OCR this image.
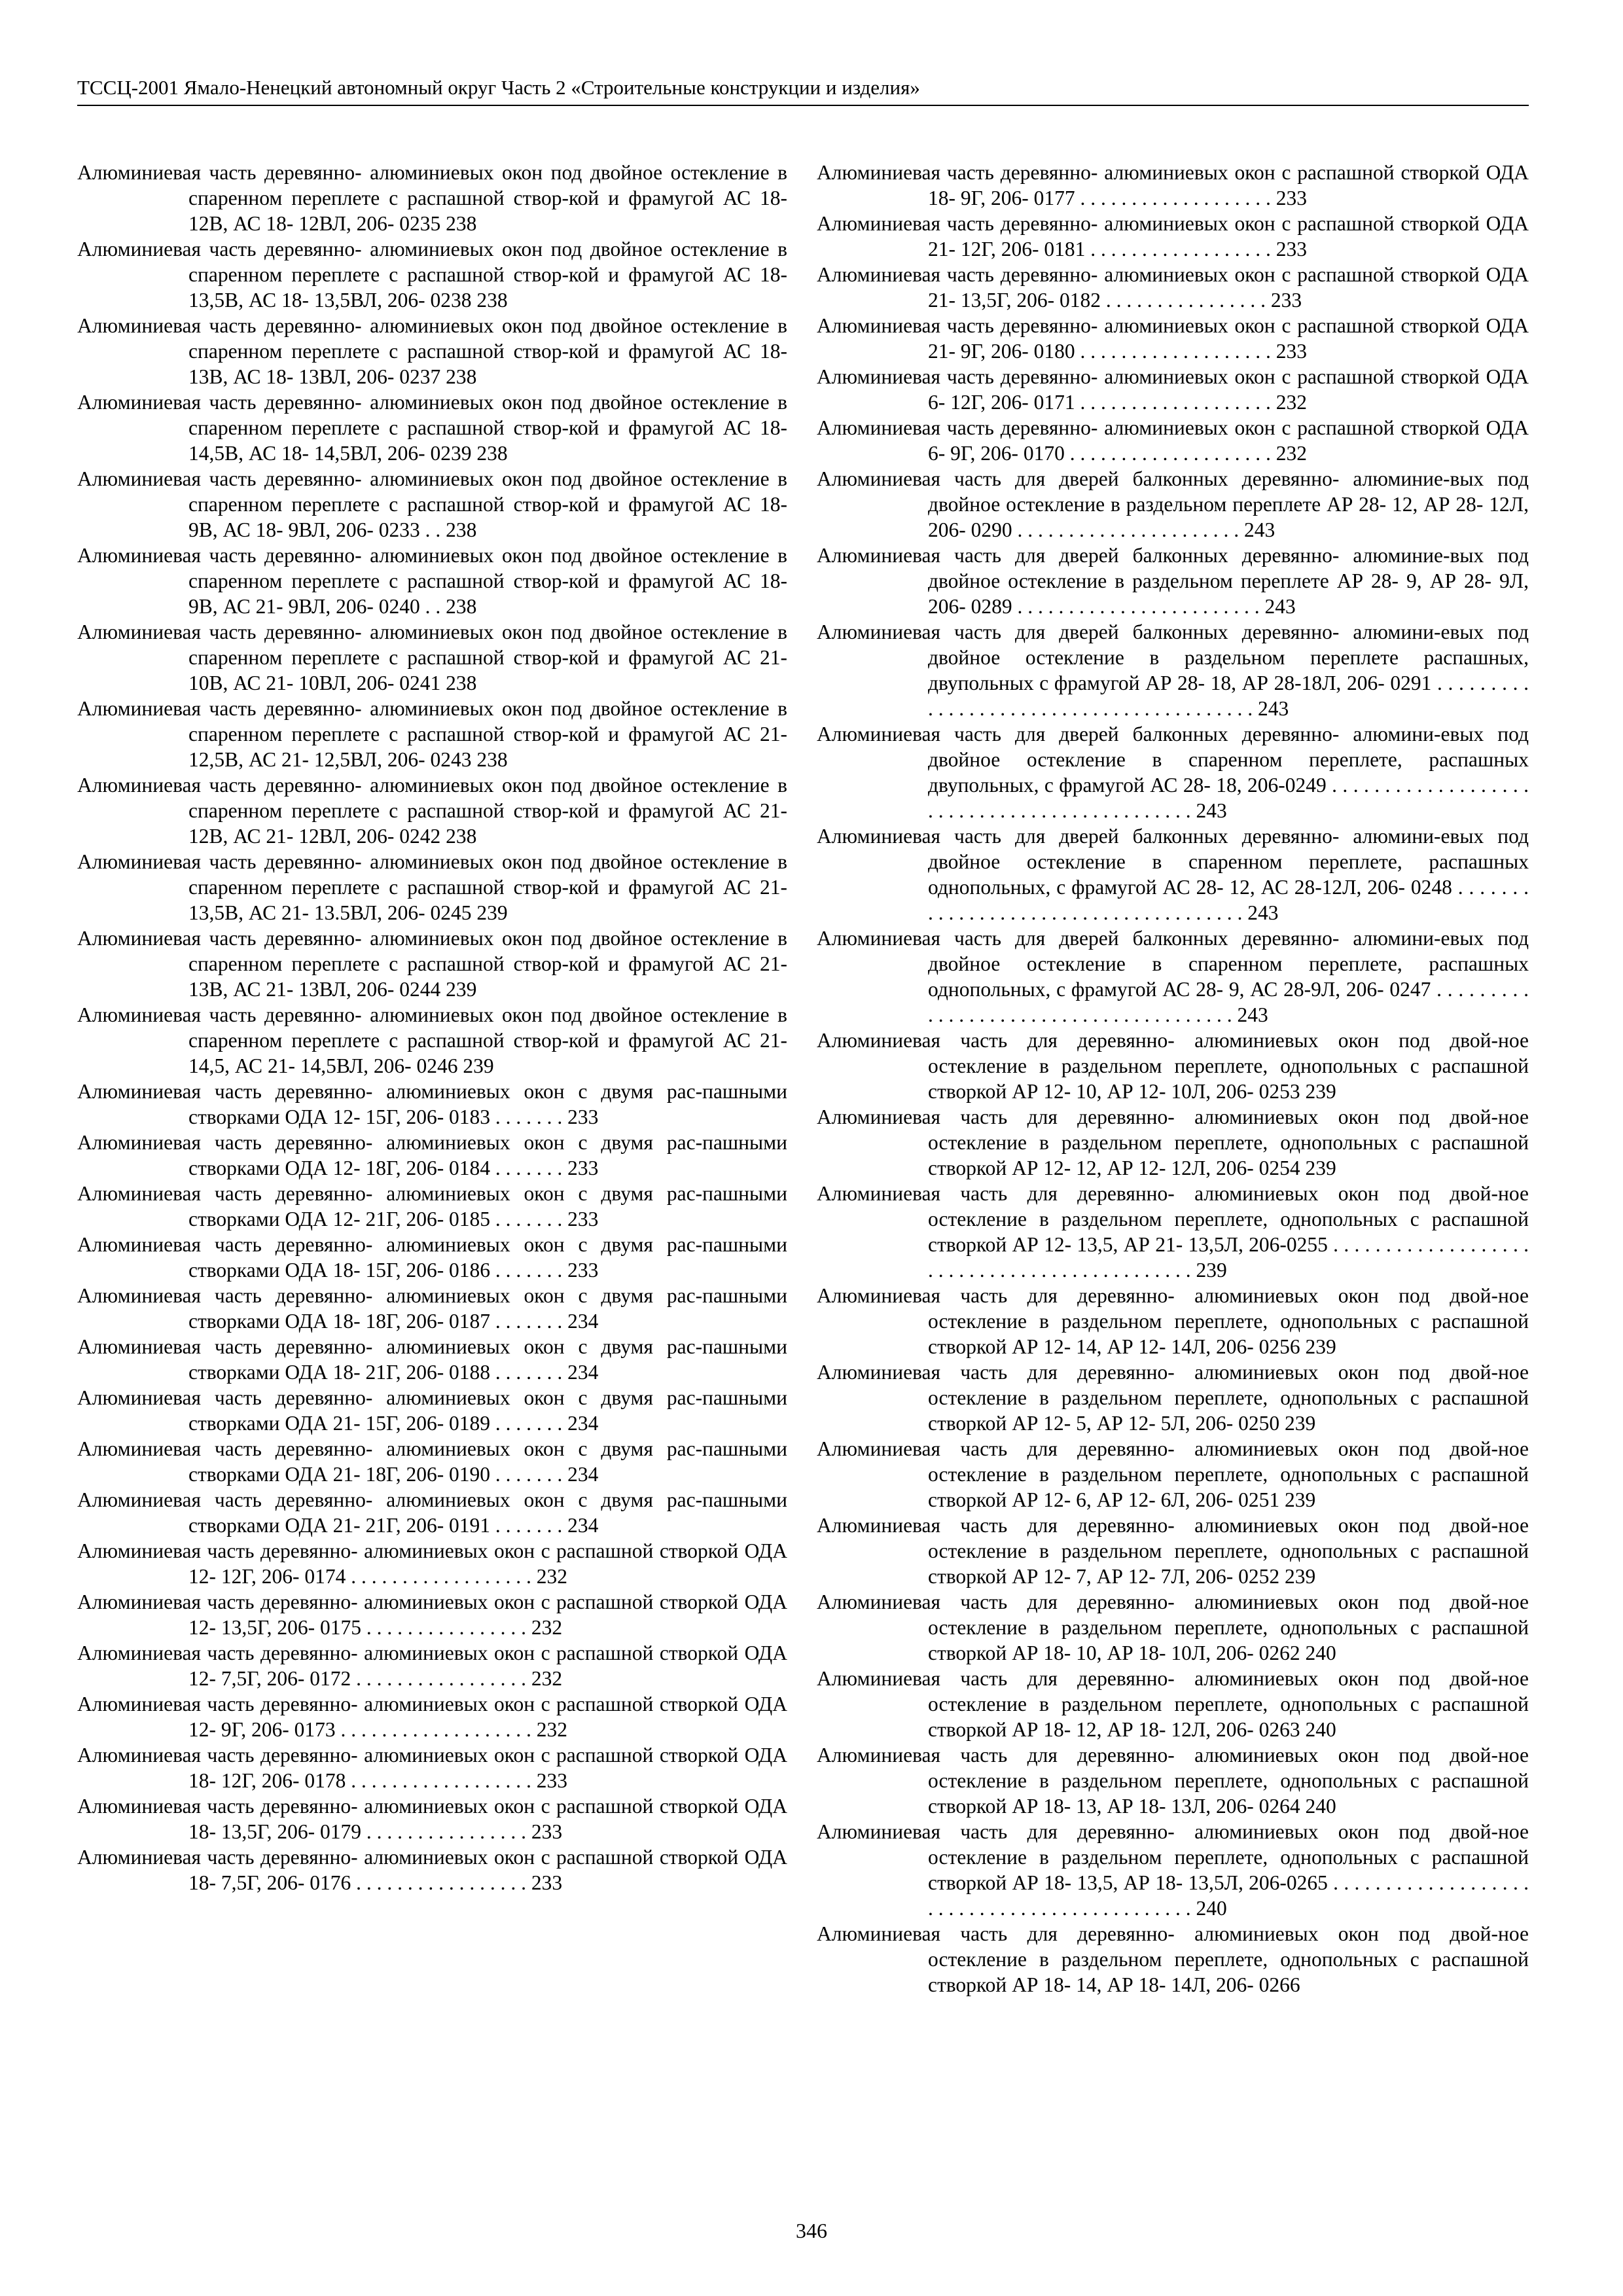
ТССЦ-2001 Ямало-Ненецкий автономный округ Часть 2 «Строительные конструкции и изделия»
Алюминиевая часть деревянно- алюминиевых окон под двойное остекление в спаренном переплете с распашной створ-кой и фрамугой АС 18- 12В, АС 18- 12ВЛ, 206- 0235 238
Алюминиевая часть деревянно- алюминиевых окон под двойное остекление в спаренном переплете с распашной створ-кой и фрамугой АС 18- 13,5В, АС 18- 13,5ВЛ, 206- 0238 238
Алюминиевая часть деревянно- алюминиевых окон под двойное остекление в спаренном переплете с распашной створ-кой и фрамугой АС 18- 13В, АС 18- 13ВЛ, 206- 0237 238
Алюминиевая часть деревянно- алюминиевых окон под двойное остекление в спаренном переплете с распашной створ-кой и фрамугой АС 18- 14,5В, АС 18- 14,5ВЛ, 206- 0239 238
Алюминиевая часть деревянно- алюминиевых окон под двойное остекление в спаренном переплете с распашной створ-кой и фрамугой АС 18- 9В, АС 18- 9ВЛ, 206- 0233 . . 238
Алюминиевая часть деревянно- алюминиевых окон под двойное остекление в спаренном переплете с распашной створ-кой и фрамугой АС 18- 9В, АС 21- 9ВЛ, 206- 0240 . . 238
Алюминиевая часть деревянно- алюминиевых окон под двойное остекление в спаренном переплете с распашной створ-кой и фрамугой АС 21- 10В, АС 21- 10ВЛ, 206- 0241 238
Алюминиевая часть деревянно- алюминиевых окон под двойное остекление в спаренном переплете с распашной створ-кой и фрамугой АС 21- 12,5В, АС 21- 12,5ВЛ, 206- 0243 238
Алюминиевая часть деревянно- алюминиевых окон под двойное остекление в спаренном переплете с распашной створ-кой и фрамугой АС 21- 12В, АС 21- 12ВЛ, 206- 0242 238
Алюминиевая часть деревянно- алюминиевых окон под двойное остекление в спаренном переплете с распашной створ-кой и фрамугой АС 21- 13,5В, АС 21- 13.5ВЛ, 206- 0245 239
Алюминиевая часть деревянно- алюминиевых окон под двойное остекление в спаренном переплете с распашной створ-кой и фрамугой АС 21- 13В, АС 21- 13ВЛ, 206- 0244 239
Алюминиевая часть деревянно- алюминиевых окон под двойное остекление в спаренном переплете с распашной створ-кой и фрамугой АС 21- 14,5, АС 21- 14,5ВЛ, 206- 0246 239
Алюминиевая часть деревянно- алюминиевых окон с двумя рас-пашными створками ОДА 12- 15Г, 206- 0183 . . . . . . . 233
Алюминиевая часть деревянно- алюминиевых окон с двумя рас-пашными створками ОДА 12- 18Г, 206- 0184 . . . . . . . 233
Алюминиевая часть деревянно- алюминиевых окон с двумя рас-пашными створками ОДА 12- 21Г, 206- 0185 . . . . . . . 233
Алюминиевая часть деревянно- алюминиевых окон с двумя рас-пашными створками ОДА 18- 15Г, 206- 0186 . . . . . . . 233
Алюминиевая часть деревянно- алюминиевых окон с двумя рас-пашными створками ОДА 18- 18Г, 206- 0187 . . . . . . . 234
Алюминиевая часть деревянно- алюминиевых окон с двумя рас-пашными створками ОДА 18- 21Г, 206- 0188 . . . . . . . 234
Алюминиевая часть деревянно- алюминиевых окон с двумя рас-пашными створками ОДА 21- 15Г, 206- 0189 . . . . . . . 234
Алюминиевая часть деревянно- алюминиевых окон с двумя рас-пашными створками ОДА 21- 18Г, 206- 0190 . . . . . . . 234
Алюминиевая часть деревянно- алюминиевых окон с двумя рас-пашными створками ОДА 21- 21Г, 206- 0191 . . . . . . . 234
Алюминиевая часть деревянно- алюминиевых окон с распашной створкой ОДА 12- 12Г, 206- 0174 . . . . . . . . . . . . . . . . . . 232
Алюминиевая часть деревянно- алюминиевых окон с распашной створкой ОДА 12- 13,5Г, 206- 0175 . . . . . . . . . . . . . . . . 232
Алюминиевая часть деревянно- алюминиевых окон с распашной створкой ОДА 12- 7,5Г, 206- 0172 . . . . . . . . . . . . . . . . . 232
Алюминиевая часть деревянно- алюминиевых окон с распашной створкой ОДА 12- 9Г, 206- 0173 . . . . . . . . . . . . . . . . . . . 232
Алюминиевая часть деревянно- алюминиевых окон с распашной створкой ОДА 18- 12Г, 206- 0178 . . . . . . . . . . . . . . . . . . 233
Алюминиевая часть деревянно- алюминиевых окон с распашной створкой ОДА 18- 13,5Г, 206- 0179 . . . . . . . . . . . . . . . . 233
Алюминиевая часть деревянно- алюминиевых окон с распашной створкой ОДА 18- 7,5Г, 206- 0176 . . . . . . . . . . . . . . . . . 233
Алюминиевая часть деревянно- алюминиевых окон с распашной створкой ОДА 18- 9Г, 206- 0177 . . . . . . . . . . . . . . . . . . . 233
Алюминиевая часть деревянно- алюминиевых окон с распашной створкой ОДА 21- 12Г, 206- 0181 . . . . . . . . . . . . . . . . . . 233
Алюминиевая часть деревянно- алюминиевых окон с распашной створкой ОДА 21- 13,5Г, 206- 0182 . . . . . . . . . . . . . . . . 233
Алюминиевая часть деревянно- алюминиевых окон с распашной створкой ОДА 21- 9Г, 206- 0180 . . . . . . . . . . . . . . . . . . . 233
Алюминиевая часть деревянно- алюминиевых окон с распашной створкой ОДА 6- 12Г, 206- 0171 . . . . . . . . . . . . . . . . . . . 232
Алюминиевая часть деревянно- алюминиевых окон с распашной створкой ОДА 6- 9Г, 206- 0170 . . . . . . . . . . . . . . . . . . . . 232
Алюминиевая часть для дверей балконных деревянно- алюминие-вых под двойное остекление в раздельном переплете АР 28- 12, АР 28- 12Л, 206- 0290 . . . . . . . . . . . . . . . . . . . . . . 243
Алюминиевая часть для дверей балконных деревянно- алюминие-вых под двойное остекление в раздельном переплете АР 28- 9, АР 28- 9Л, 206- 0289 . . . . . . . . . . . . . . . . . . . . . . . . 243
Алюминиевая часть для дверей балконных деревянно- алюмини-евых под двойное остекление в раздельном переплете распашных, двупольных с фрамугой АР 28- 18, АР 28-18Л, 206- 0291 . . . . . . . . . . . . . . . . . . . . . . . . . . . . . . . . . . . . . . . . . 243
Алюминиевая часть для дверей балконных деревянно- алюмини-евых под двойное остекление в спаренном переплете, распашных двупольных, с фрамугой АС 28- 18, 206-0249 . . . . . . . . . . . . . . . . . . . . . . . . . . . . . . . . . . . . . . . . . . . . . 243
Алюминиевая часть для дверей балконных деревянно- алюмини-евых под двойное остекление в спаренном переплете, распашных однопольных, с фрамугой АС 28- 12, АС 28-12Л, 206- 0248 . . . . . . . . . . . . . . . . . . . . . . . . . . . . . . . . . . . . . . 243
Алюминиевая часть для дверей балконных деревянно- алюмини-евых под двойное остекление в спаренном переплете, распашных однопольных, с фрамугой АС 28- 9, АС 28-9Л, 206- 0247 . . . . . . . . . . . . . . . . . . . . . . . . . . . . . . . . . . . . . . . 243
Алюминиевая часть для деревянно- алюминиевых окон под двой-ное остекление в раздельном переплете, однопольных с распашной створкой АР 12- 10, АР 12- 10Л, 206- 0253 239
Алюминиевая часть для деревянно- алюминиевых окон под двой-ное остекление в раздельном переплете, однопольных с распашной створкой АР 12- 12, АР 12- 12Л, 206- 0254 239
Алюминиевая часть для деревянно- алюминиевых окон под двой-ное остекление в раздельном переплете, однопольных с распашной створкой АР 12- 13,5, АР 21- 13,5Л, 206-0255 . . . . . . . . . . . . . . . . . . . . . . . . . . . . . . . . . . . . . . . . . . . . . 239
Алюминиевая часть для деревянно- алюминиевых окон под двой-ное остекление в раздельном переплете, однопольных с распашной створкой АР 12- 14, АР 12- 14Л, 206- 0256 239
Алюминиевая часть для деревянно- алюминиевых окон под двой-ное остекление в раздельном переплете, однопольных с распашной створкой АР 12- 5, АР 12- 5Л, 206- 0250 239
Алюминиевая часть для деревянно- алюминиевых окон под двой-ное остекление в раздельном переплете, однопольных с распашной створкой АР 12- 6, АР 12- 6Л, 206- 0251 239
Алюминиевая часть для деревянно- алюминиевых окон под двой-ное остекление в раздельном переплете, однопольных с распашной створкой АР 12- 7, АР 12- 7Л, 206- 0252 239
Алюминиевая часть для деревянно- алюминиевых окон под двой-ное остекление в раздельном переплете, однопольных с распашной створкой АР 18- 10, АР 18- 10Л, 206- 0262 240
Алюминиевая часть для деревянно- алюминиевых окон под двой-ное остекление в раздельном переплете, однопольных с распашной створкой АР 18- 12, АР 18- 12Л, 206- 0263 240
Алюминиевая часть для деревянно- алюминиевых окон под двой-ное остекление в раздельном переплете, однопольных с распашной створкой АР 18- 13, АР 18- 13Л, 206- 0264 240
Алюминиевая часть для деревянно- алюминиевых окон под двой-ное остекление в раздельном переплете, однопольных с распашной створкой АР 18- 13,5, АР 18- 13,5Л, 206-0265 . . . . . . . . . . . . . . . . . . . . . . . . . . . . . . . . . . . . . . . . . . . . . 240
Алюминиевая часть для деревянно- алюминиевых окон под двой-ное остекление в раздельном переплете, однопольных с распашной створкой АР 18- 14, АР 18- 14Л, 206- 0266
346
